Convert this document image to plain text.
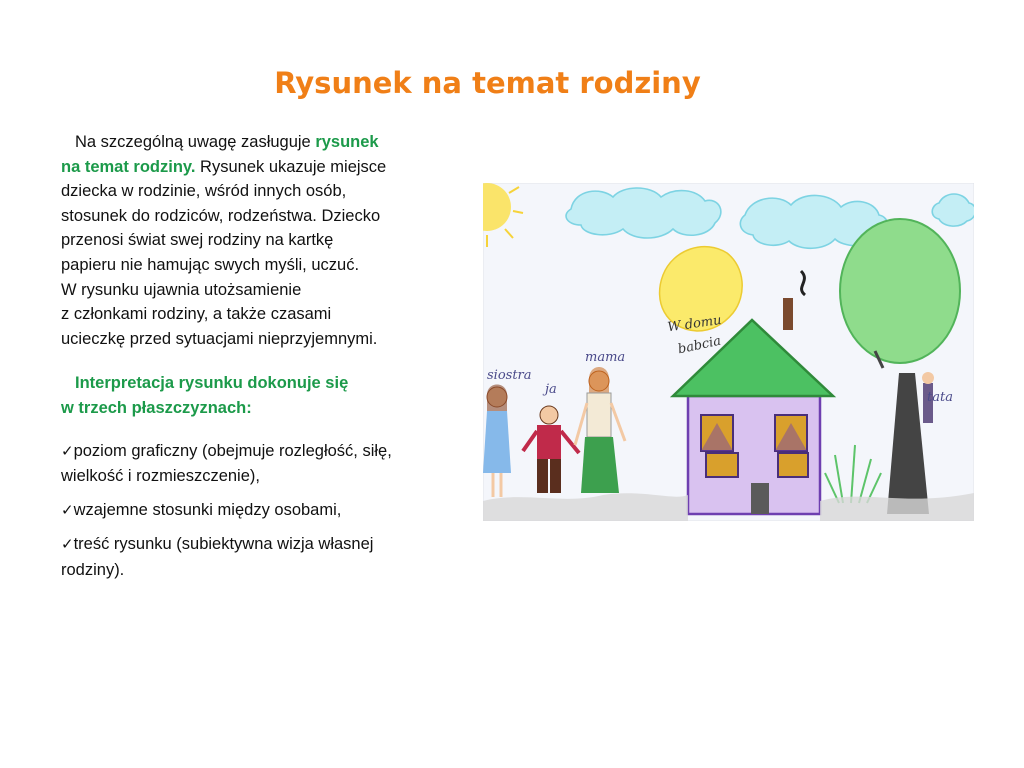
Rysunek na temat rodziny

Na szczególną uwagę zasługuje rysunek
na temat rodziny. Rysunek ukazuje miejsce
dziecka w rodzinie, wśród innych osób,
stosunek do rodziców, rodzeństwa. Dziecko
przenosi świat swej rodziny na kartkę
papieru nie hamując swych myśli, uczuć.
W rysunku ujawnia utożsamienie
z członkami rodziny, a także czasami
ucieczkę przed sytuacjami nieprzyjemnymi.

Interpretacja rysunku dokonuje się
w trzech płaszczyznach:

✓poziom graficzny (obejmuje rozległość, siłę, wielkość i rozmieszczenie),

✓wzajemne stosunki między osobami,

✓treść rysunku (subiektywna wizja własnej rodziny).

W domu
babcia
siostra
ja
mama
tata
